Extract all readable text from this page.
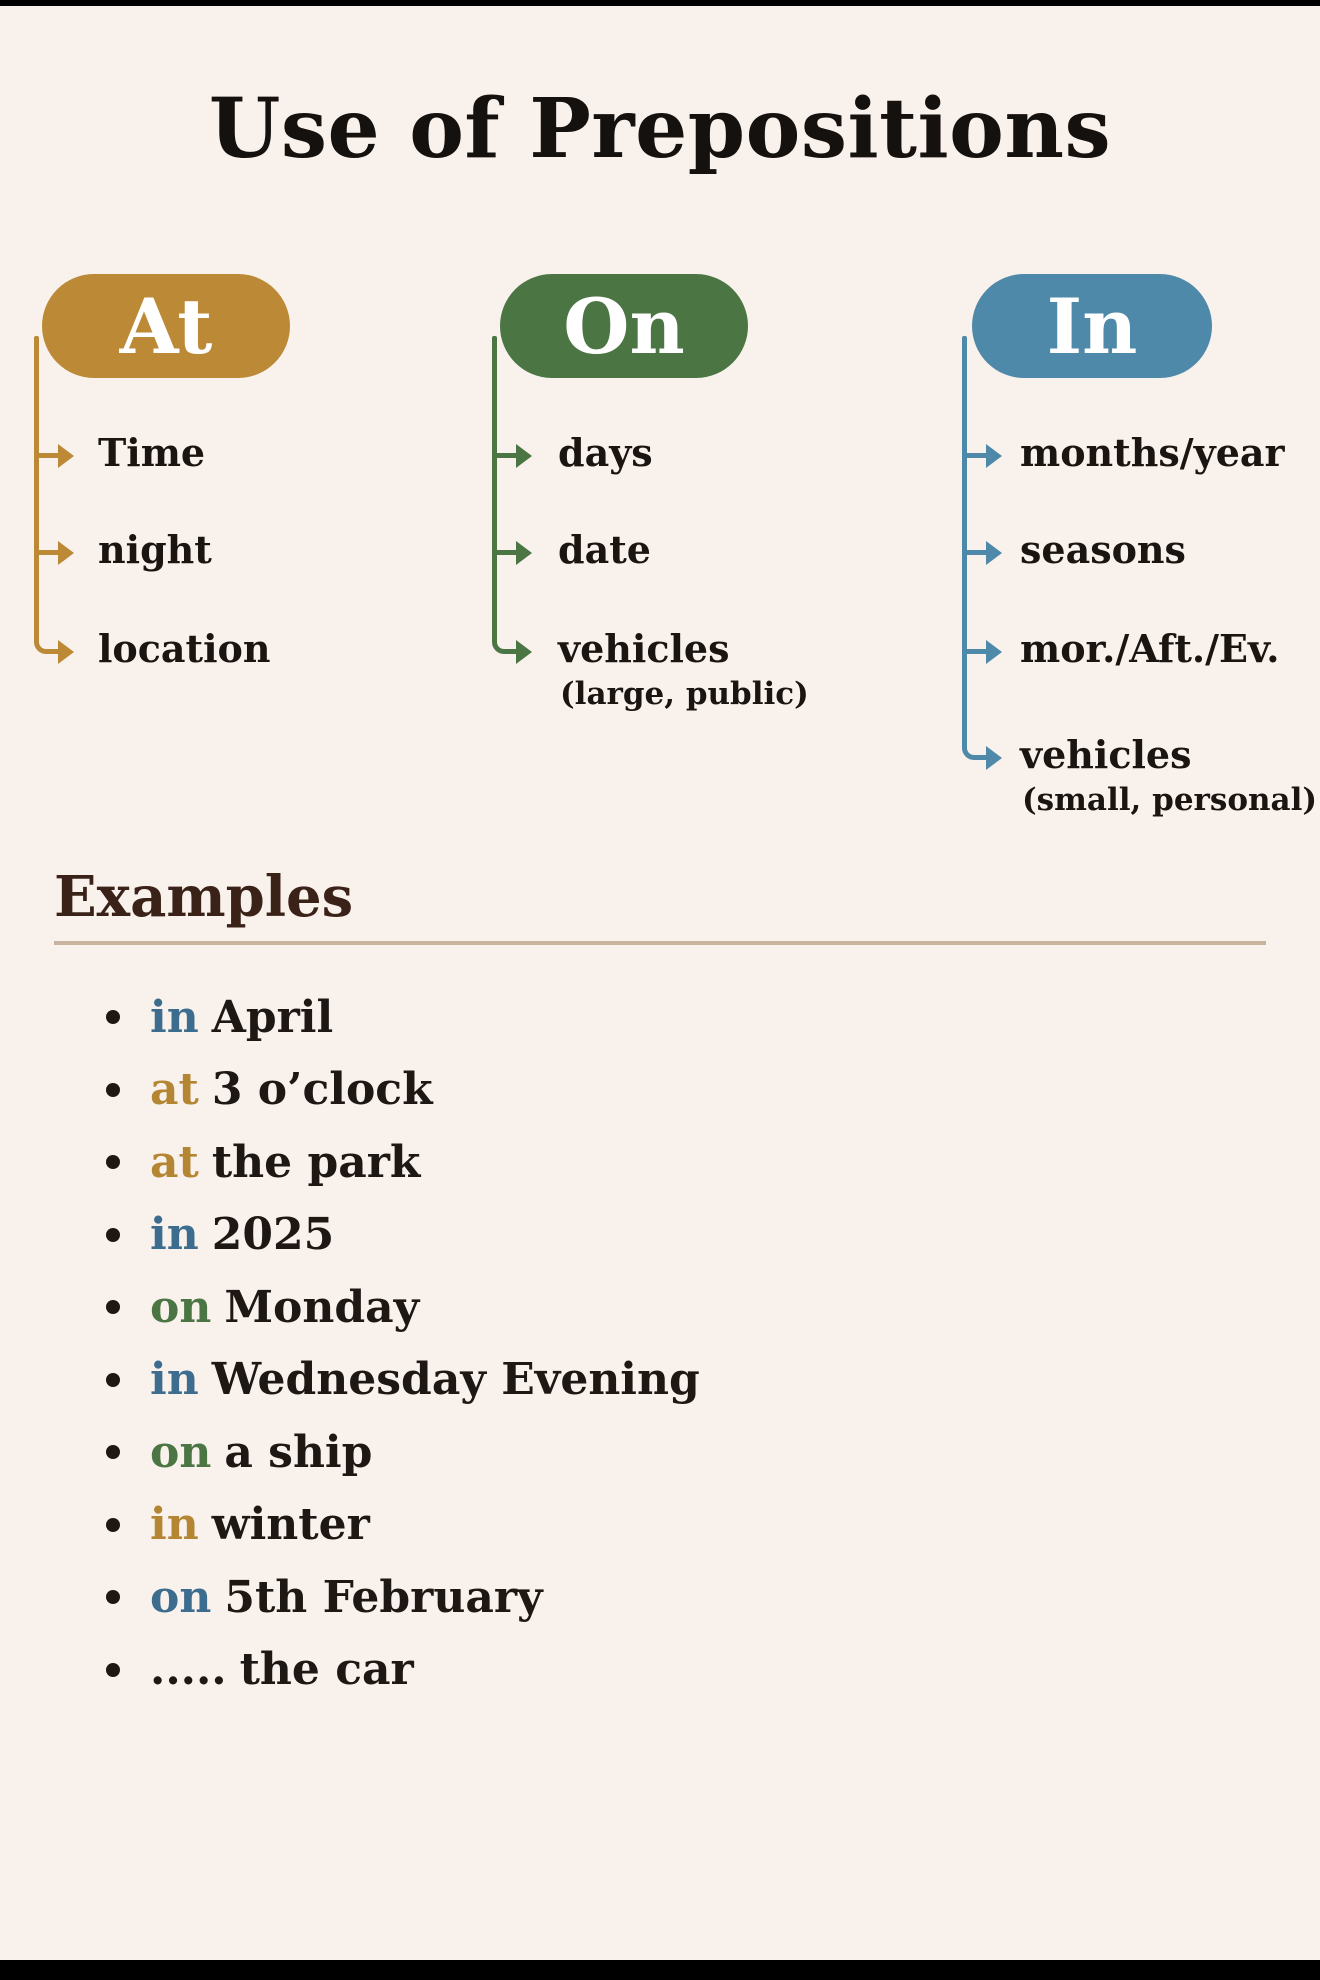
Use of Prepositions
At
Time
night
location
On
days
date
vehicles
(large, public)
In
months/year
seasons
mor./Aft./Ev.
vehicles
(small, personal)
Examples
in April
at 3 o’clock
at the park
in 2025
on Monday
in Wednesday Evening
on a ship
in winter
on 5th February
..... the car
